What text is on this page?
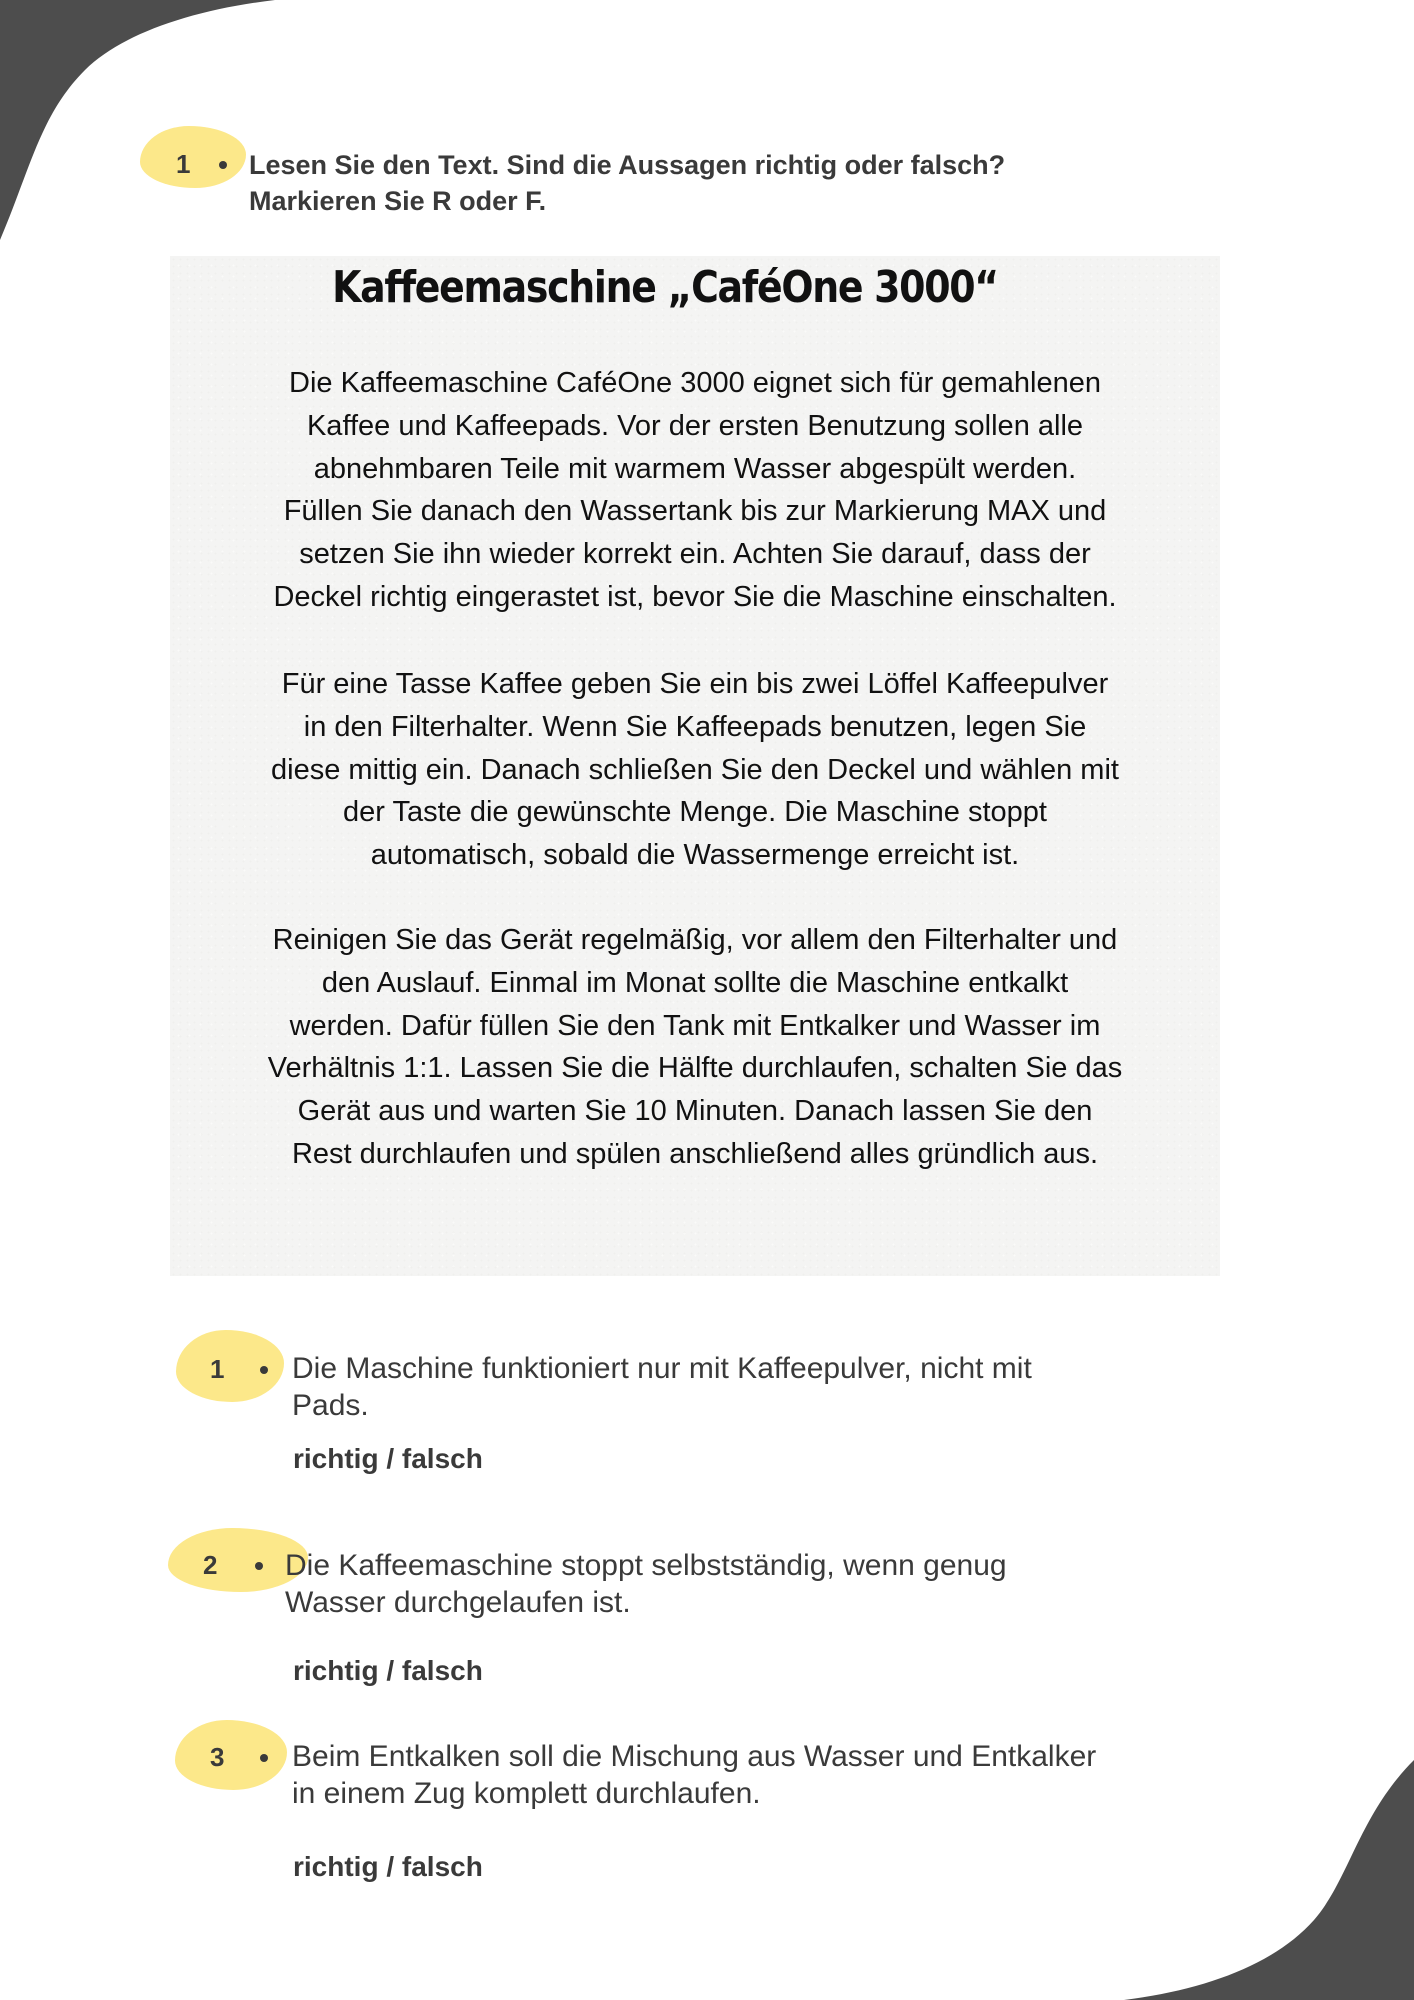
1 Lesen Sie den Text. Sind die Aussagen richtig oder falsch?
Markieren Sie R oder F.
Kaffeemaschine „CaféOne 3000“
Die Kaffeemaschine CaféOne 3000 eignet sich für gemahlenen
Kaffee und Kaffeepads. Vor der ersten Benutzung sollen alle
abnehmbaren Teile mit warmem Wasser abgespült werden.
Füllen Sie danach den Wassertank bis zur Markierung MAX und
setzen Sie ihn wieder korrekt ein. Achten Sie darauf, dass der
Deckel richtig eingerastet ist, bevor Sie die Maschine einschalten.
Für eine Tasse Kaffee geben Sie ein bis zwei Löffel Kaffeepulver
in den Filterhalter. Wenn Sie Kaffeepads benutzen, legen Sie
diese mittig ein. Danach schließen Sie den Deckel und wählen mit
der Taste die gewünschte Menge. Die Maschine stoppt
automatisch, sobald die Wassermenge erreicht ist.
Reinigen Sie das Gerät regelmäßig, vor allem den Filterhalter und
den Auslauf. Einmal im Monat sollte die Maschine entkalkt
werden. Dafür füllen Sie den Tank mit Entkalker und Wasser im
Verhältnis 1:1. Lassen Sie die Hälfte durchlaufen, schalten Sie das
Gerät aus und warten Sie 10 Minuten. Danach lassen Sie den
Rest durchlaufen und spülen anschließend alles gründlich aus.
1 Die Maschine funktioniert nur mit Kaffeepulver, nicht mit
Pads.
richtig / falsch
2 Die Kaffeemaschine stoppt selbstständig, wenn genug
Wasser durchgelaufen ist.
richtig / falsch
3 Beim Entkalken soll die Mischung aus Wasser und Entkalker
in einem Zug komplett durchlaufen.
richtig / falsch
